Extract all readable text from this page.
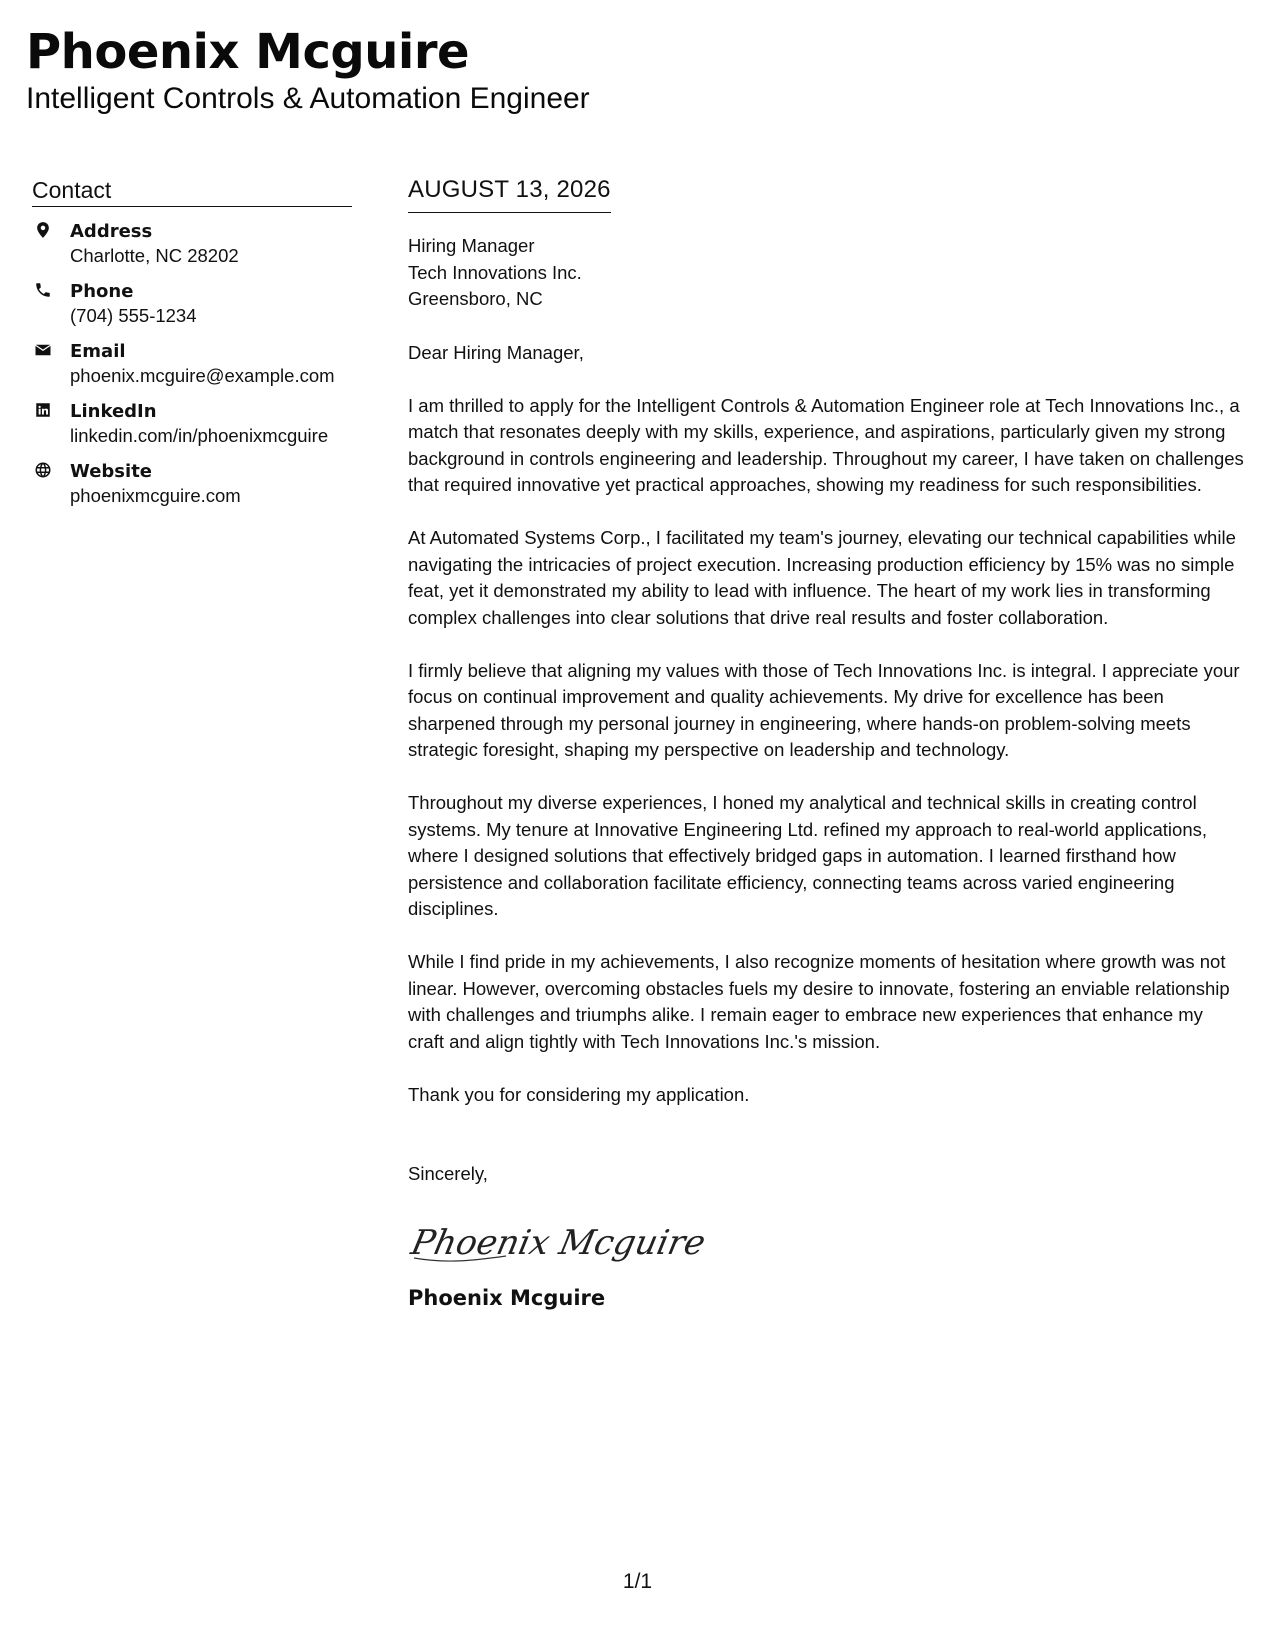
Phoenix Mcguire
Intelligent Controls & Automation Engineer
Contact
Address
Charlotte, NC 28202
Phone
(704) 555-1234
Email
phoenix.mcguire@example.com
LinkedIn
linkedin.com/in/phoenixmcguire
Website
phoenixmcguire.com
AUGUST 13, 2026
Hiring Manager
Tech Innovations Inc.
Greensboro, NC
Dear Hiring Manager,
I am thrilled to apply for the Intelligent Controls & Automation Engineer role at Tech Innovations Inc., a match that resonates deeply with my skills, experience, and aspirations, particularly given my strong background in controls engineering and leadership. Throughout my career, I have taken on challenges that required innovative yet practical approaches, showing my readiness for such responsibilities.
At Automated Systems Corp., I facilitated my team's journey, elevating our technical capabilities while navigating the intricacies of project execution. Increasing production efficiency by 15% was no simple feat, yet it demonstrated my ability to lead with influence. The heart of my work lies in transforming complex challenges into clear solutions that drive real results and foster collaboration.
I firmly believe that aligning my values with those of Tech Innovations Inc. is integral. I appreciate your focus on continual improvement and quality achievements. My drive for excellence has been sharpened through my personal journey in engineering, where hands-on problem-solving meets strategic foresight, shaping my perspective on leadership and technology.
Throughout my diverse experiences, I honed my analytical and technical skills in creating control systems. My tenure at Innovative Engineering Ltd. refined my approach to real-world applications, where I designed solutions that effectively bridged gaps in automation. I learned firsthand how persistence and collaboration facilitate efficiency, connecting teams across varied engineering disciplines.
While I find pride in my achievements, I also recognize moments of hesitation where growth was not linear. However, overcoming obstacles fuels my desire to innovate, fostering an enviable relationship with challenges and triumphs alike. I remain eager to embrace new experiences that enhance my craft and align tightly with Tech Innovations Inc.'s mission.
Thank you for considering my application.
Sincerely,
Phoenix Mcguire
Phoenix Mcguire
1/1
